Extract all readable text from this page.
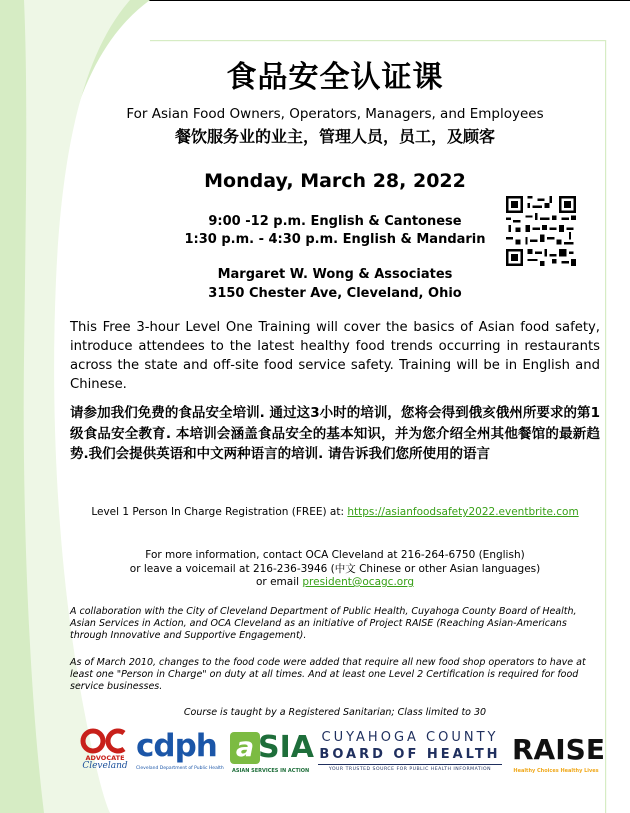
食品安全认证课
For Asian Food Owners, Operators, Managers, and Employees
餐饮服务业的业主，管理人员，员工，及顾客
Monday, March 28, 2022
9:00 -12 p.m. English & Cantonese
1:30 p.m. - 4:30 p.m. English & Mandarin
Margaret W. Wong & Associates
3150 Chester Ave, Cleveland, Ohio
This Free 3-hour Level One Training will cover the basics of Asian food safety, introduce attendees to the latest healthy food trends occurring in restaurants across the state and off-site food service safety. Training will be in English and Chinese.
请参加我们免费的食品安全培训. 通过这3小时的培训，您将会得到俄亥俄州所要求的第1级食品安全教育. 本培训会涵盖食品安全的基本知识，并为您介绍全州其他餐馆的最新趋势.我们会提供英语和中文两种语言的培训. 请告诉我们您所使用的语言
Level 1 Person In Charge Registration (FREE) at: https://asianfoodsafety2022.eventbrite.com
For more information, contact OCA Cleveland at 216-264-6750 (English)
or leave a voicemail at 216-236-3946 (中文 Chinese or other Asian languages)
or email president@ocagc.org
A collaboration with the City of Cleveland Department of Public Health, Cuyahoga County Board of Health, Asian Services in Action, and OCA Cleveland as an initiative of Project RAISE (Reaching Asian-Americans through Innovative and Supportive Engagement).
As of March 2010, changes to the food code were added that require all new food shop operators to have at least one "Person in Charge" on duty at all times. And at least one Level 2 Certification is required for food service businesses.
Course is taught by a Registered Sanitarian; Class limited to 30
ADVOCATE
Cleveland
cdph
Cleveland Department of Public Health
a SIA
ASIAN SERVICES IN ACTION
CUYAHOGA COUNTY
BOARD OF HEALTH
YOUR TRUSTED SOURCE FOR PUBLIC HEALTH INFORMATION
RAISE
Healthy Choices Healthy Lives
